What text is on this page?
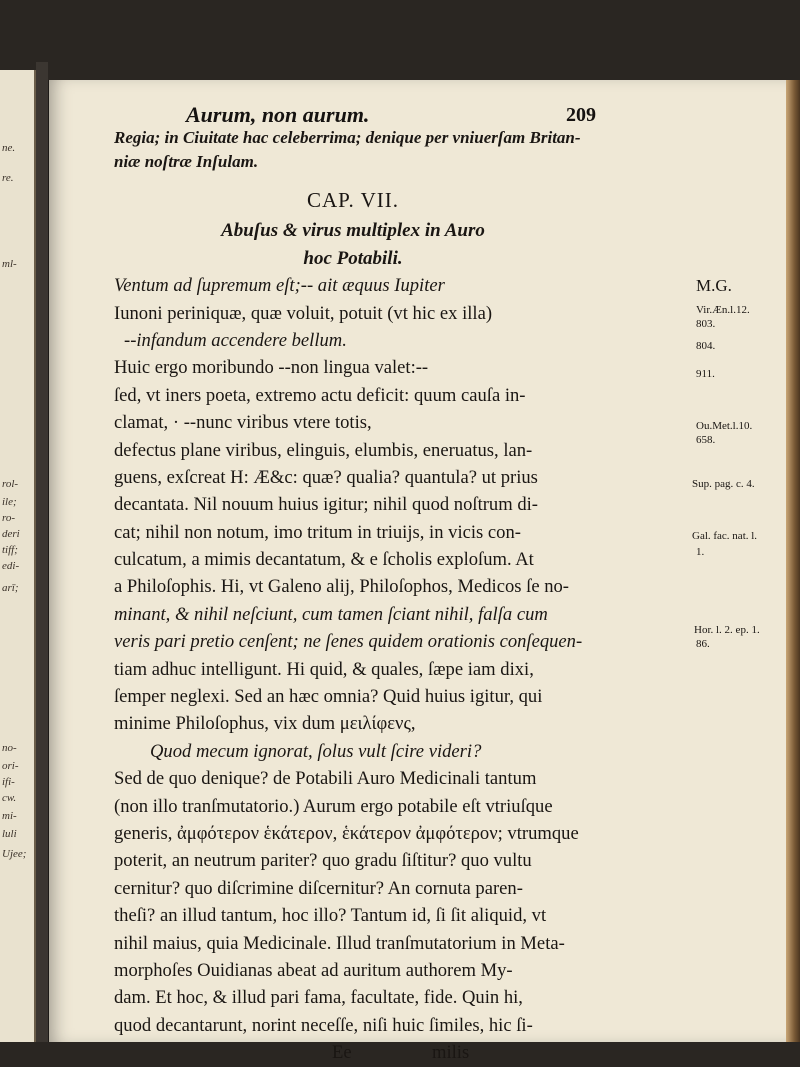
ne.
re.
ml-
rol-
ile;
ro-
deri
tiff;
edi-
arī;
no-
ori-
ifi-
cw.
mi-
luli
Ujee;
Aurum, non aurum.	209
Regia; in Ciuitate hac celeberrima; denique per vniuerſam Britan-
niæ noſtræ Inſulam.
CAP. VII.
Abuſus & virus multiplex in Auro
hoc Potabili.
Ventum ad ſupremum eſt;-- ait æquus Iupiter
Iunoni periniquæ, quæ voluit, potuit (vt hic ex illa)
--infandum accendere bellum.
Huic ergo moribundo --non lingua valet:--
ſed, vt iners poeta, extremo actu deficit: quum cauſa in-
clamat, · --nunc viribus vtere totis,
defectus plane viribus, elinguis, elumbis, eneruatus, lan-
guens, exſcreat H: Æ&c: quæ? qualia? quantula? ut prius
decantata. Nil nouum huius igitur; nihil quod noſtrum di-
cat; nihil non notum, imo tritum in triuijs, in vicis con-
culcatum, a mimis decantatum, & e ſcholis exploſum. At
a Philoſophis. Hi, vt Galeno alij, Philoſophos, Medicos ſe no-
minant, & nihil neſciunt, cum tamen ſciant nihil, falſa cum
veris pari pretio cenſent; ne ſenes quidem orationis conſequen-
tiam adhuc intelligunt. Hi quid, & quales, ſæpe iam dixi,
ſemper neglexi. Sed an hæc omnia? Quid huius igitur, qui
minime Philoſophus, vix dum μειλίφενς,
Quod mecum ignorat, ſolus vult ſcire videri?
Sed de quo denique? de Potabili Auro Medicinali tantum
(non illo tranſmutatorio.) Aurum ergo potabile eſt vtriuſque
generis, ἀμφότερον ἑκάτερον, ἑκάτερον ἀμφότερον; vtrumque
poterit, an neutrum pariter? quo gradu ſiſtitur? quo vultu
cernitur? quo diſcrimine diſcernitur? An cornuta paren-
theſi? an illud tantum, hoc illo? Tantum id, ſi ſit aliquid, vt
nihil maius, quia Medicinale. Illud tranſmutatorium in Meta-
morphoſes Ouidianas abeat ad auritum authorem My-
dam. Et hoc, & illud pari fama, facultate, fide. Quin hi,
quod decantarunt, norint neceſſe, niſi huic ſimiles, hic ſi-
Ee	milis
M.G.
Vir.Æn.l.12.
803.
804.
911.
Ou.Met.l.10.
658.
Sup. pag. c. 4.
Gal. fac. nat. l.
1.
Hor. l. 2. ep. 1.
86.
